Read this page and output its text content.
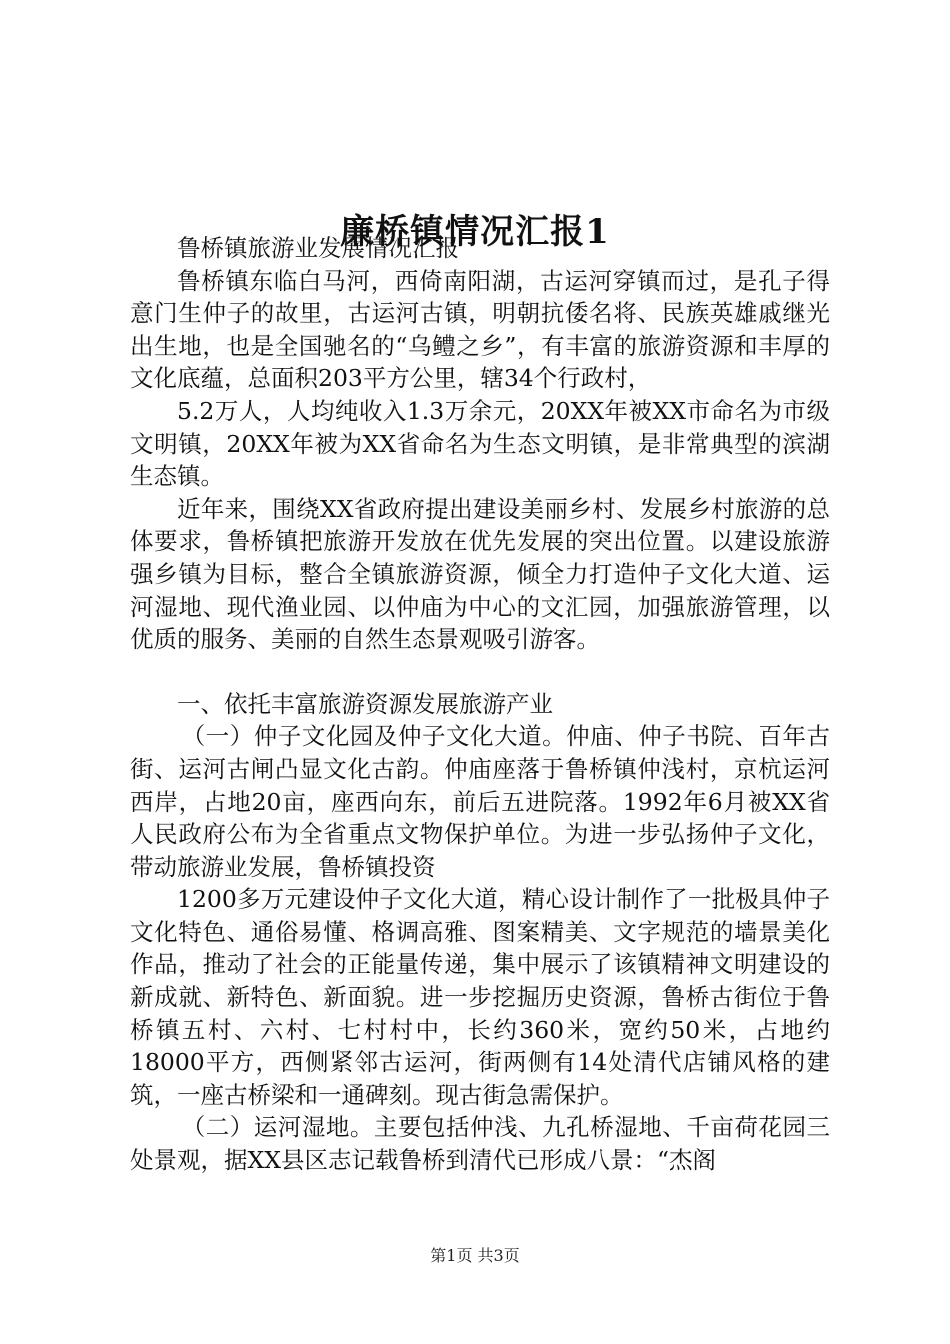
廉桥镇情况汇报1

鲁桥镇旅游业发展情况汇报

鲁桥镇东临白马河，西倚南阳湖，古运河穿镇而过，是孔子得意门生仲子的故里，古运河古镇，明朝抗倭名将、民族英雄戚继光出生地，也是全国驰名的“乌鳢之乡”，有丰富的旅游资源和丰厚的文化底蕴，总面积203平方公里，辖34个行政村，

5.2万人，人均纯收入1.3万余元，20XX年被XX市命名为市级文明镇，20XX年被为XX省命名为生态文明镇，是非常典型的滨湖生态镇。

近年来，围绕XX省政府提出建设美丽乡村、发展乡村旅游的总体要求，鲁桥镇把旅游开发放在优先发展的突出位置。以建设旅游强乡镇为目标，整合全镇旅游资源，倾全力打造仲子文化大道、运河湿地、现代渔业园、以仲庙为中心的文汇园，加强旅游管理，以优质的服务、美丽的自然生态景观吸引游客。

一、依托丰富旅游资源发展旅游产业

（一）仲子文化园及仲子文化大道。仲庙、仲子书院、百年古街、运河古闸凸显文化古韵。仲庙座落于鲁桥镇仲浅村，京杭运河西岸，占地20亩，座西向东，前后五进院落。1992年6月被XX省人民政府公布为全省重点文物保护单位。为进一步弘扬仲子文化，带动旅游业发展，鲁桥镇投资

1200多万元建设仲子文化大道，精心设计制作了一批极具仲子文化特色、通俗易懂、格调高雅、图案精美、文字规范的墙景美化作品，推动了社会的正能量传递，集中展示了该镇精神文明建设的新成就、新特色、新面貌。进一步挖掘历史资源，鲁桥古街位于鲁桥镇五村、六村、七村村中，长约360米，宽约50米，占地约18000平方，西侧紧邻古运河，街两侧有14处清代店铺风格的建筑，一座古桥梁和一通碑刻。现古街急需保护。

（二）运河湿地。主要包括仲浅、九孔桥湿地、千亩荷花园三处景观，据XX县区志记载鲁桥到清代已形成八景：“杰阁

第1页 共3页
